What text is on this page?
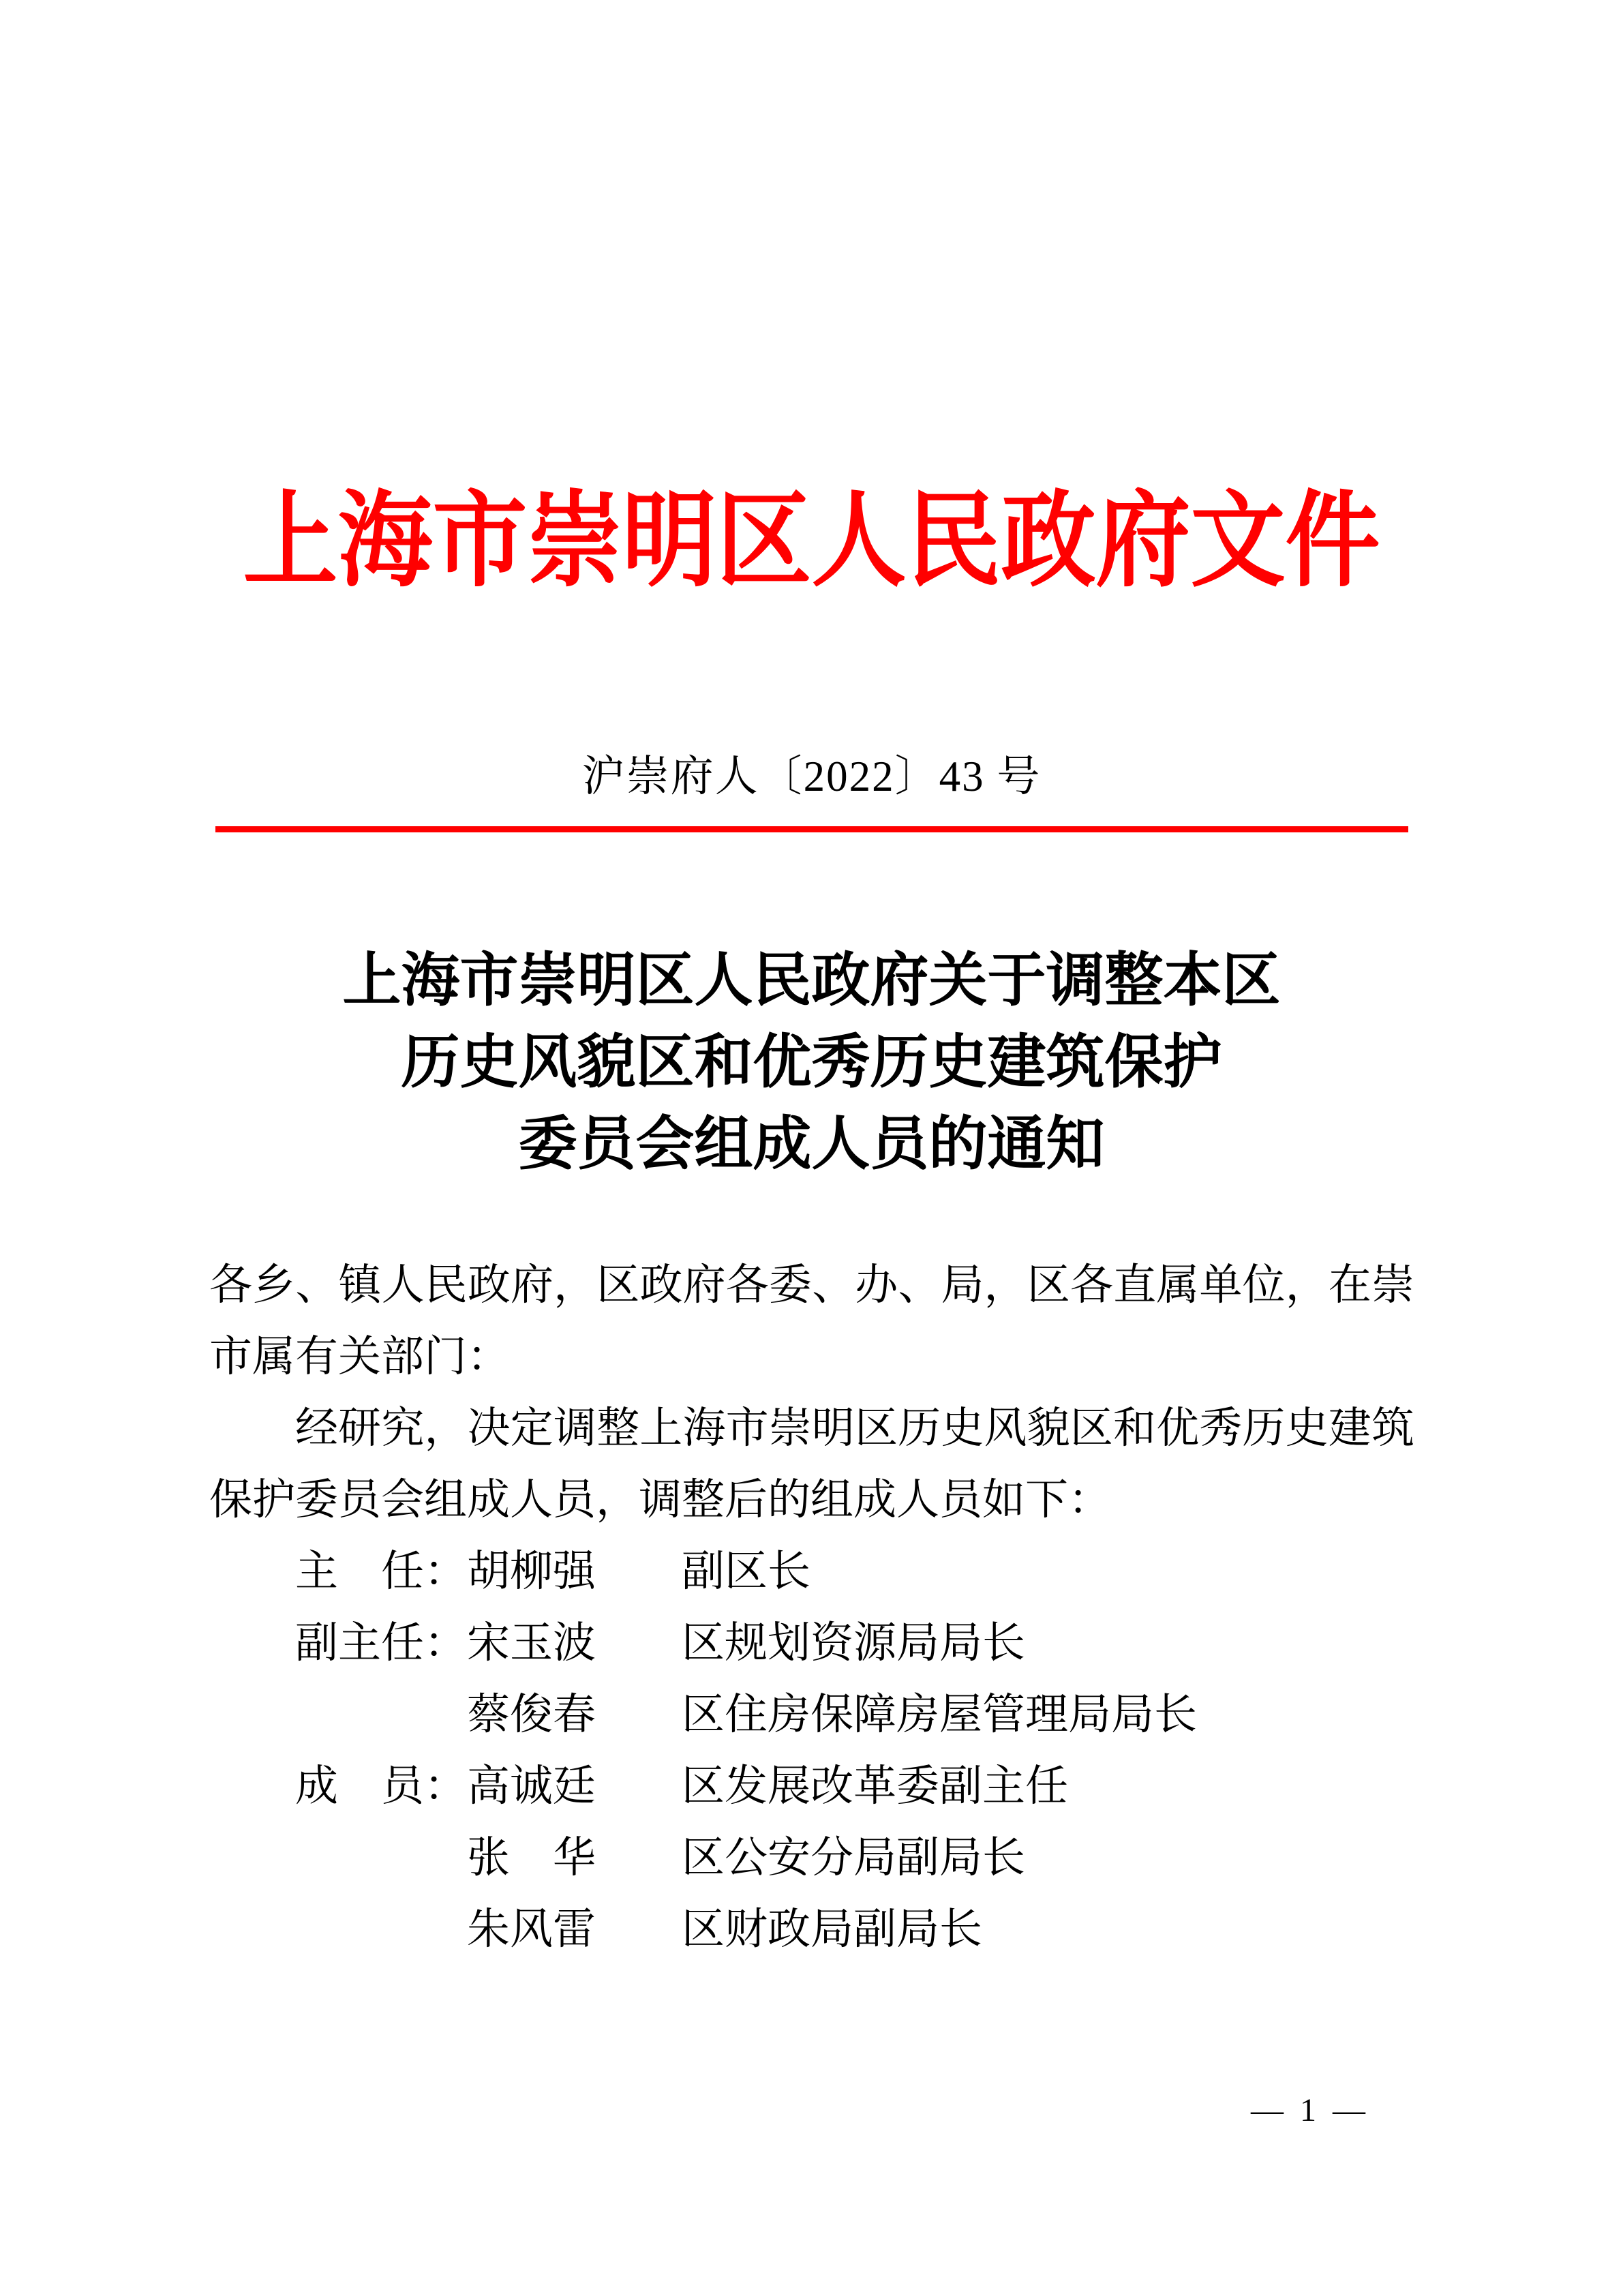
上海市崇明区人民政府文件
沪崇府人〔2022〕43 号
上海市崇明区人民政府关于调整本区
历史风貌区和优秀历史建筑保护
委员会组成人员的通知

各乡、镇人民政府，区政府各委、办、局，区各直属单位，在崇市属有关部门：

经研究，决定调整上海市崇明区历史风貌区和优秀历史建筑保护委员会组成人员，调整后的组成人员如下：

主　任： 胡柳强	副区长
副主任： 宋玉波	区规划资源局局长
蔡俊春	区住房保障房屋管理局局长
成　员： 高诚廷	区发展改革委副主任
张　华	区公安分局副局长
朱风雷	区财政局副局长
— 1 —
